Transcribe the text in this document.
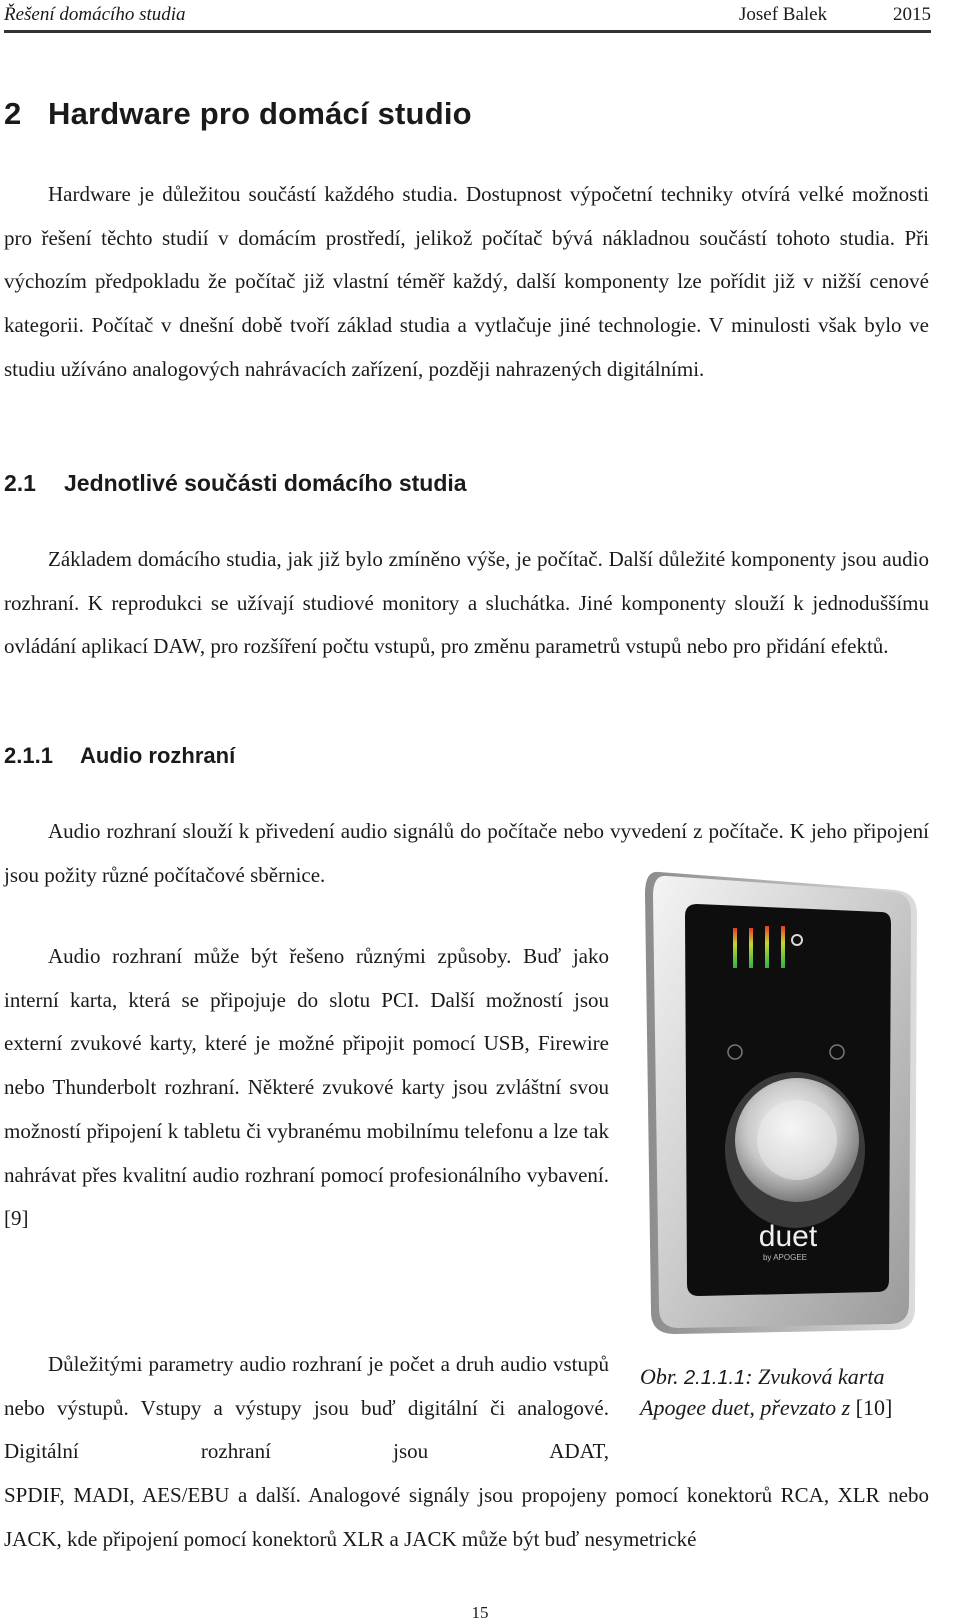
Řešení domácího studia	Josef Balek	2015
2 Hardware pro domácí studio

Hardware je důležitou součástí každého studia. Dostupnost výpočetní techniky otvírá velké možnosti pro řešení těchto studií v domácím prostředí, jelikož počítač bývá nákladnou součástí tohoto studia. Při výchozím předpokladu že počítač již vlastní téměř každý, další komponenty lze pořídit již v nižší cenové kategorii. Počítač v dnešní době tvoří základ studia a vytlačuje jiné technologie. V minulosti však bylo ve studiu užíváno analogových nahrávacích zařízení, později nahrazených digitálními.

2.1 Jednotlivé součásti domácího studia

Základem domácího studia, jak již bylo zmíněno výše, je počítač. Další důležité komponenty jsou audio rozhraní. K reprodukci se užívají studiové monitory a sluchátka. Jiné komponenty slouží k jednoduššímu ovládání aplikací DAW, pro rozšíření počtu vstupů, pro změnu parametrů vstupů nebo pro přidání efektů.

2.1.1 Audio rozhraní

Audio rozhraní slouží k přivedení audio signálů do počítače nebo vyvedení z počítače. K jeho připojení jsou požity různé počítačové sběrnice.

Audio rozhraní může být řešeno různými způsoby. Buď jako interní karta, která se připojuje do slotu PCI. Další možností jsou externí zvukové karty, které je možné připojit pomocí USB, Firewire nebo Thunderbolt rozhraní. Některé zvukové karty jsou zvláštní svou možností připojení k tabletu či vybranému mobilnímu telefonu a lze tak nahrávat přes kvalitní audio rozhraní pomocí profesionálního vybavení.[9]

duet
by APOGEE
Obr. 2.1.1.1: Zvuková karta Apogee duet, převzato z [10]

Důležitými parametry audio rozhraní je počet a druh audio vstupů nebo výstupů. Vstupy a výstupy jsou buď digitální či analogové. Digitální rozhraní jsou ADAT,

SPDIF, MADI, AES/EBU a další. Analogové signály jsou propojeny pomocí konektorů RCA, XLR nebo JACK, kde připojení pomocí konektorů XLR a JACK může být buď nesymetrické

15
